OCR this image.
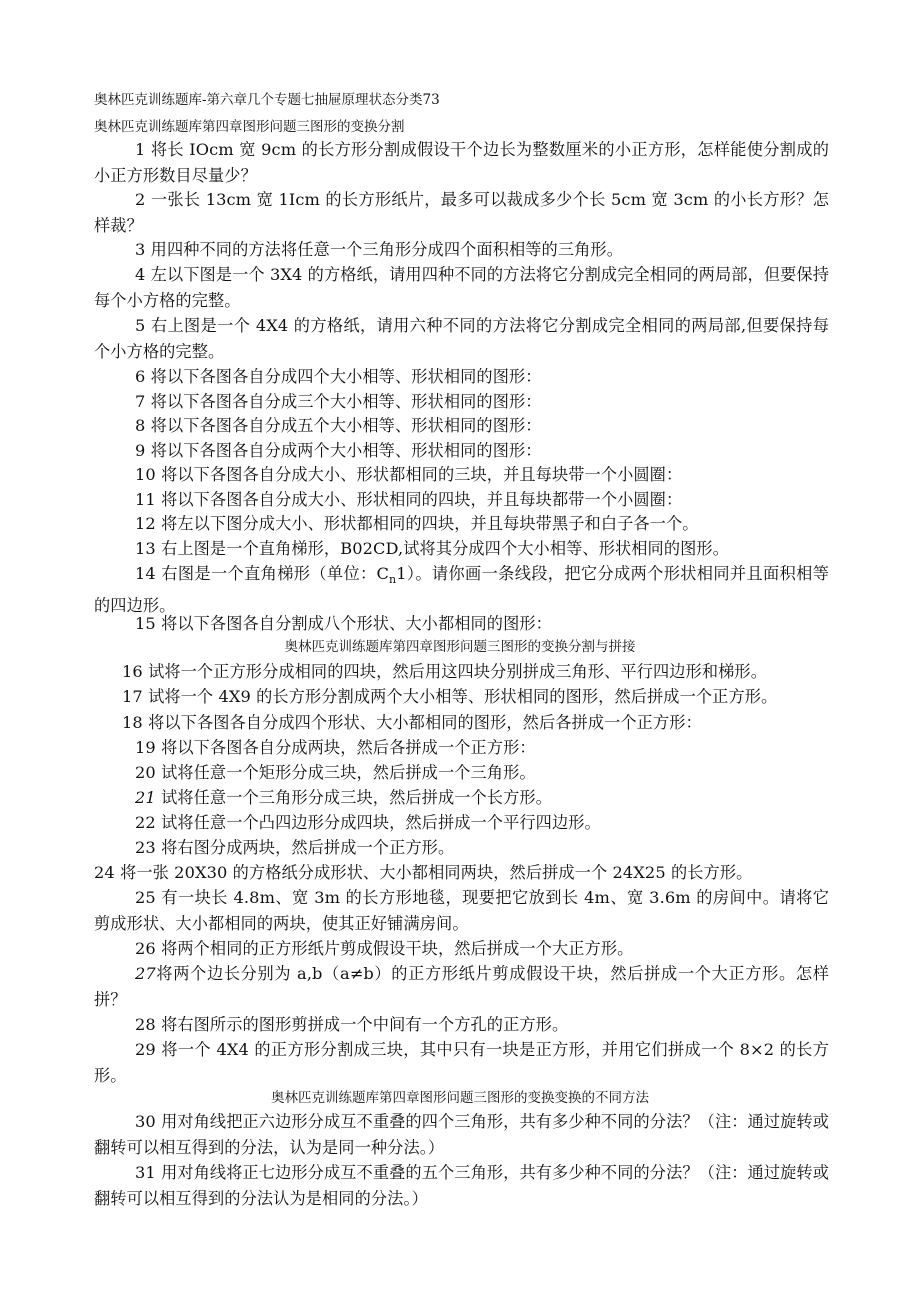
奥林匹克训练题库-第六章几个专题七抽屉原理状态分类73
奥林匹克训练题库第四章图形问题三图形的变换分割
1 将长 IOcm 宽 9cm 的长方形分割成假设干个边长为整数厘米的小正方形，怎样能使分割成的小正方形数目尽量少？
2 一张长 13cm 宽 1Icm 的长方形纸片，最多可以裁成多少个长 5cm 宽 3cm 的小长方形？怎样裁？
3 用四种不同的方法将任意一个三角形分成四个面积相等的三角形。
4 左以下图是一个 3X4 的方格纸，请用四种不同的方法将它分割成完全相同的两局部，但要保持每个小方格的完整。
5 右上图是一个 4X4 的方格纸，请用六种不同的方法将它分割成完全相同的两局部,但要保持每个小方格的完整。
6 将以下各图各自分成四个大小相等、形状相同的图形：
7 将以下各图各自分成三个大小相等、形状相同的图形：
8 将以下各图各自分成五个大小相等、形状相同的图形：
9 将以下各图各自分成两个大小相等、形状相同的图形：
10 将以下各图各自分成大小、形状都相同的三块，并且每块带一个小圆圈：
11 将以下各图各自分成大小、形状相同的四块，并且每块都带一个小圆圈：
12 将左以下图分成大小、形状都相同的四块，并且每块带黑子和白子各一个。
13 右上图是一个直角梯形，B02CD,试将其分成四个大小相等、形状相同的图形。
14 右图是一个直角梯形（单位：$C_n1$）。请你画一条线段，把它分成两个形状相同并且面积相等的四边形。
15 将以下各图各自分割成八个形状、大小都相同的图形：
奥林匹克训练题库第四章图形问题三图形的变换分割与拼接
16 试将一个正方形分成相同的四块，然后用这四块分别拼成三角形、平行四边形和梯形。
17 试将一个 4X9 的长方形分割成两个大小相等、形状相同的图形，然后拼成一个正方形。
18 将以下各图各自分成四个形状、大小都相同的图形，然后各拼成一个正方形：
19 将以下各图各自分成两块，然后各拼成一个正方形：
20 试将任意一个矩形分成三块，然后拼成一个三角形。
21 试将任意一个三角形分成三块，然后拼成一个长方形。
22 试将任意一个凸四边形分成四块，然后拼成一个平行四边形。
23 将右图分成两块，然后拼成一个正方形。
24 将一张 20X30 的方格纸分成形状、大小都相同两块，然后拼成一个 24X25 的长方形。
25 有一块长 4.8m、宽 3m 的长方形地毯，现要把它放到长 4m、宽 3.6m 的房间中。请将它剪成形状、大小都相同的两块，使其正好铺满房间。
26 将两个相同的正方形纸片剪成假设干块，然后拼成一个大正方形。
27将两个边长分别为 a,b（a≠b）的正方形纸片剪成假设干块，然后拼成一个大正方形。怎样拼？
28 将右图所示的图形剪拼成一个中间有一个方孔的正方形。
29 将一个 4X4 的正方形分割成三块，其中只有一块是正方形，并用它们拼成一个 8×2 的长方形。
奥林匹克训练题库第四章图形问题三图形的变换变换的不同方法
30 用对角线把正六边形分成互不重叠的四个三角形，共有多少种不同的分法？（注：通过旋转或翻转可以相互得到的分法，认为是同一种分法。）
31 用对角线将正七边形分成互不重叠的五个三角形，共有多少种不同的分法？（注：通过旋转或翻转可以相互得到的分法认为是相同的分法。）
